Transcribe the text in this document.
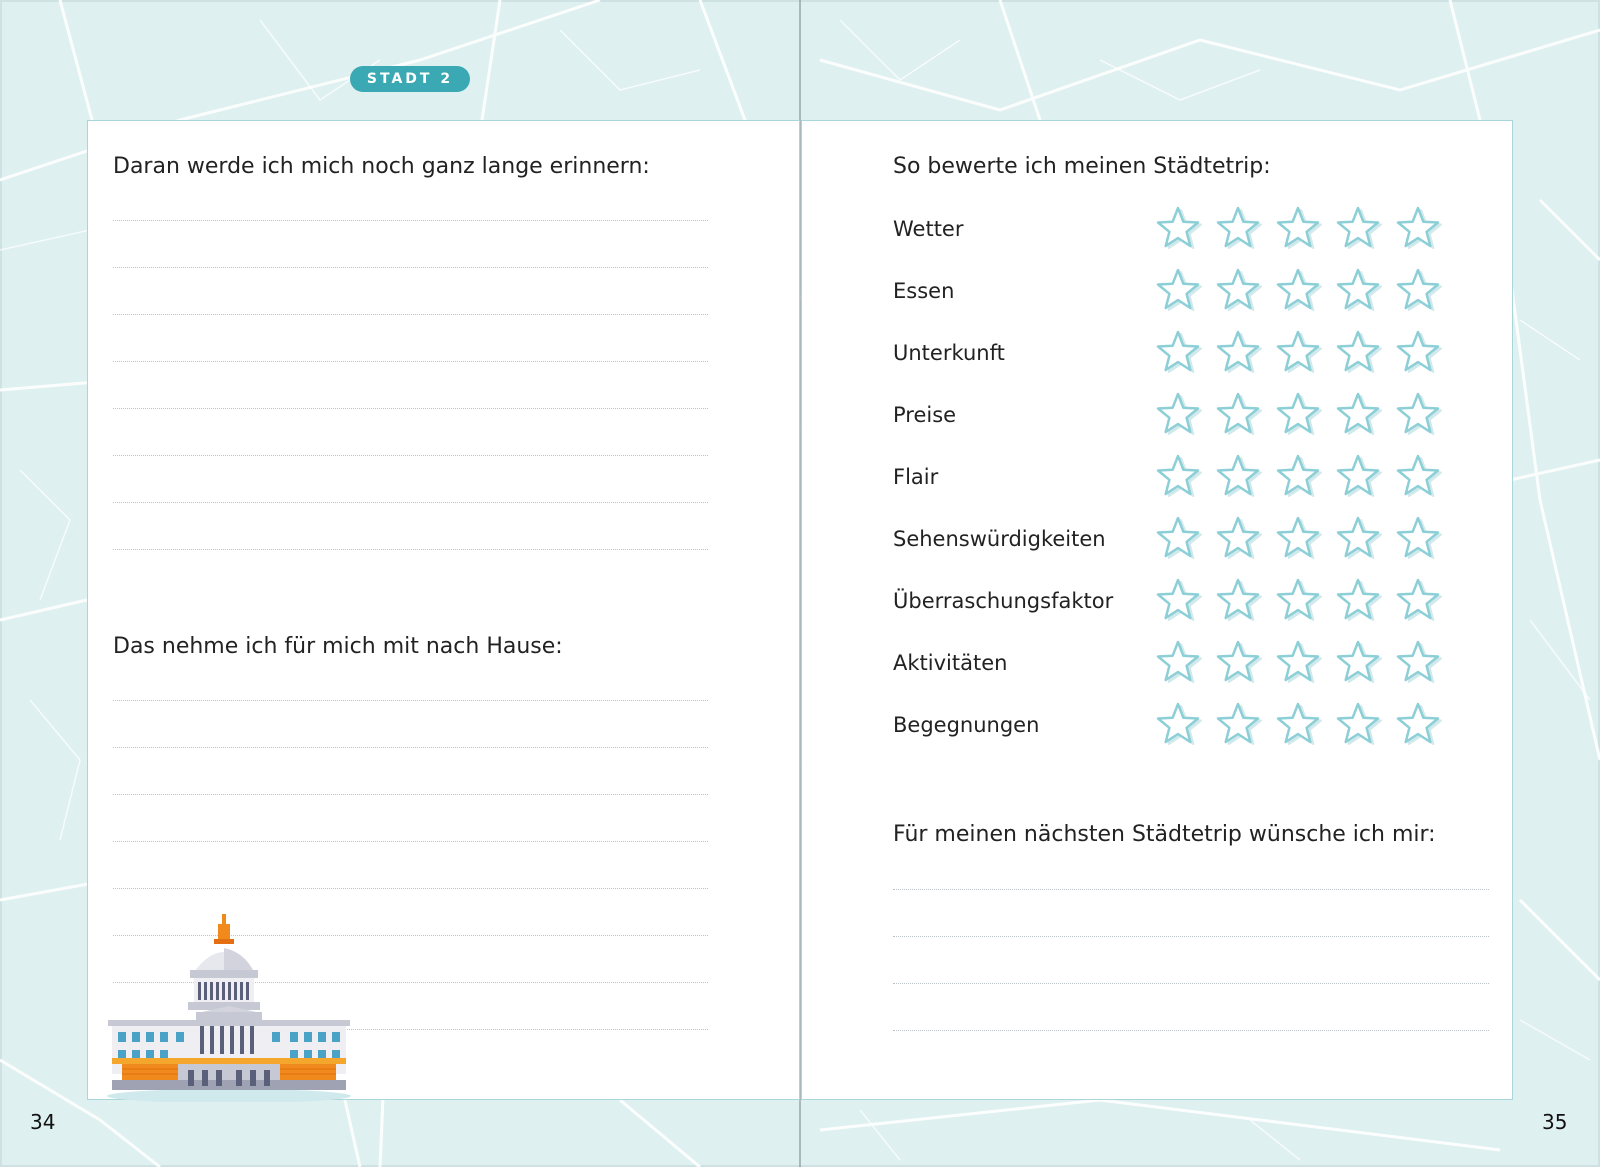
STADT 2
Daran werde ich mich noch ganz lange erinnern:
Das nehme ich für mich mit nach Hause:
34
So bewerte ich meinen Städtetrip:
Wetter
Essen
Unterkunft
Preise
Flair
Sehenswürdigkeiten
Überraschungsfaktor
Aktivitäten
Begegnungen
Für meinen nächsten Städtetrip wünsche ich mir:
35
